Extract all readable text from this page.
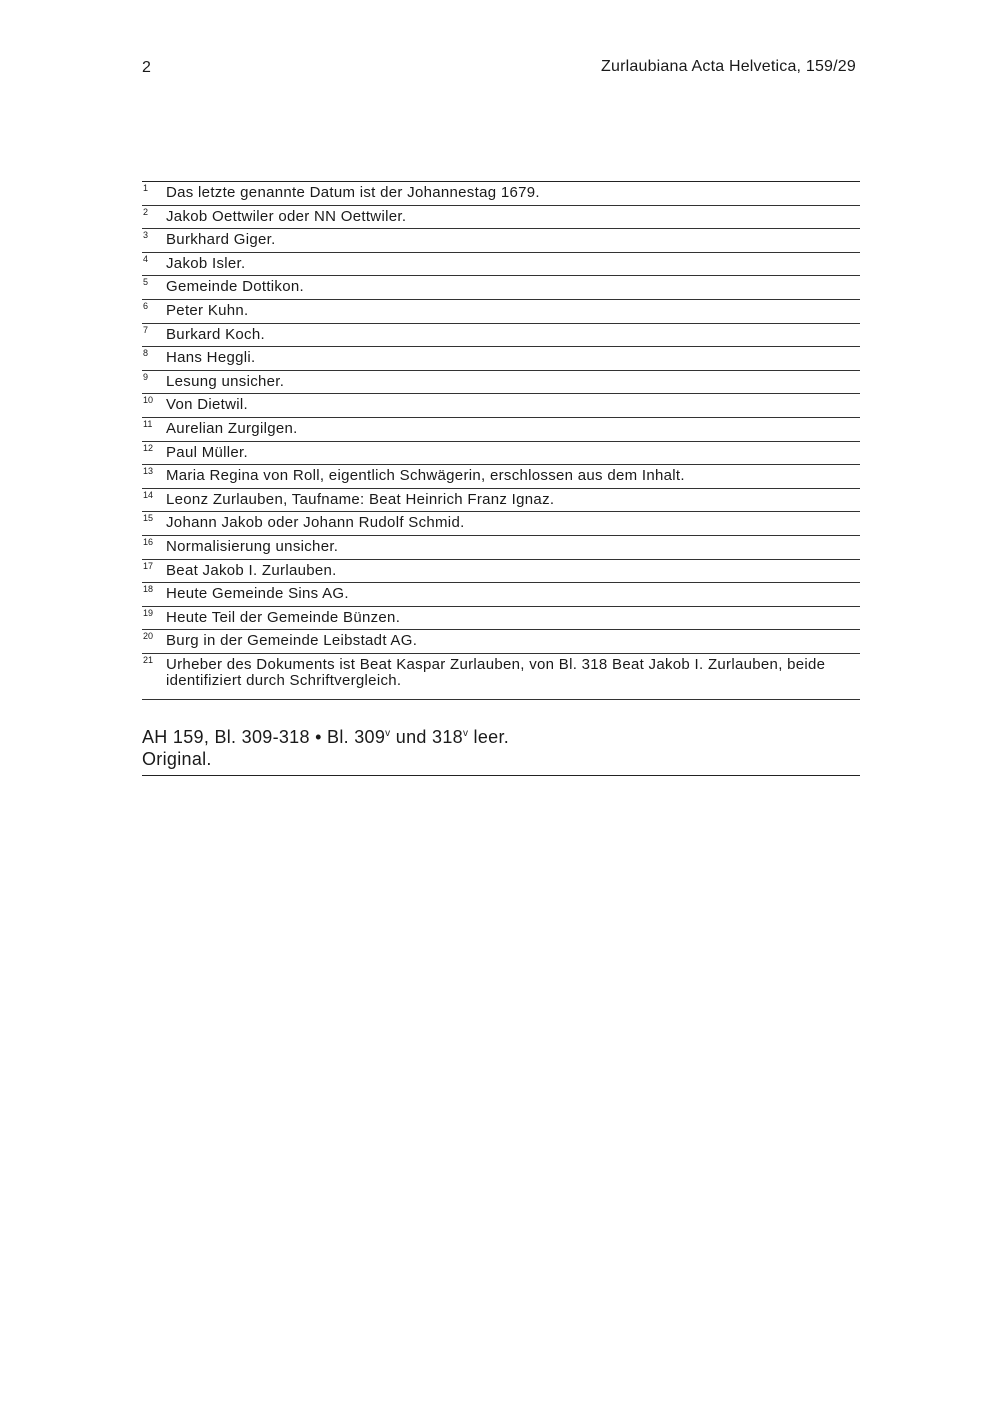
2	Zurlaubiana Acta Helvetica, 159/29
1 Das letzte genannte Datum ist der Johannestag 1679.
2 Jakob Oettwiler oder NN Oettwiler.
3 Burkhard Giger.
4 Jakob Isler.
5 Gemeinde Dottikon.
6 Peter Kuhn.
7 Burkard Koch.
8 Hans Heggli.
9 Lesung unsicher.
10 Von Dietwil.
11 Aurelian Zurgilgen.
12 Paul Müller.
13 Maria Regina von Roll, eigentlich Schwägerin, erschlossen aus dem Inhalt.
14 Leonz Zurlauben, Taufname: Beat Heinrich Franz Ignaz.
15 Johann Jakob oder Johann Rudolf Schmid.
16 Normalisierung unsicher.
17 Beat Jakob I. Zurlauben.
18 Heute Gemeinde Sins AG.
19 Heute Teil der Gemeinde Bünzen.
20 Burg in der Gemeinde Leibstadt AG.
21 Urheber des Dokuments ist Beat Kaspar Zurlauben, von Bl. 318 Beat Jakob I. Zurlauben, beide identifiziert durch Schriftvergleich.
AH 159, Bl. 309-318 • Bl. 309$^v$ und 318$^v$ leer.
Original.
